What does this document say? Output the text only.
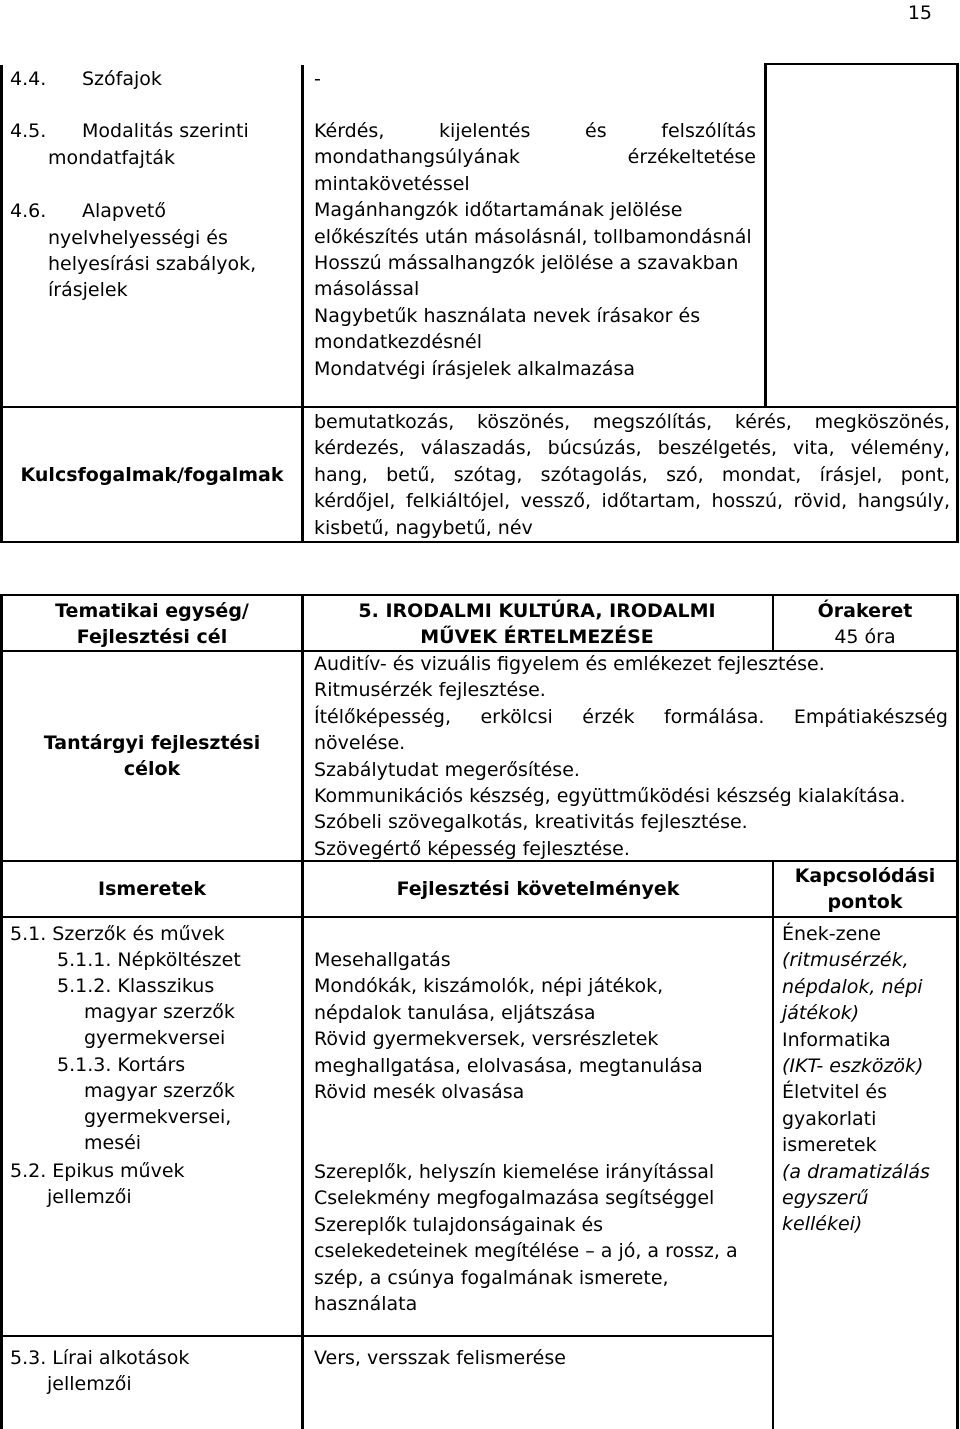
15
4.4. Szófajok	-
4.5. Modalitás szerinti
mondatfajták
4.6. Alapvető
nyelvhelyességi és
helyesírási szabályok,
írásjelek
Kérdés, kijelentés és felszólítás
mondathangsúlyának érzékeltetése
mintakövetéssel
Magánhangzók időtartamának jelölése
előkészítés után másolásnál, tollbamondásnál
Hosszú mássalhangzók jelölése a szavakban
másolással
Nagybetűk használata nevek írásakor és
mondatkezdésnél
Mondatvégi írásjelek alkalmazása
Kulcsfogalmak/fogalmak
bemutatkozás, köszönés, megszólítás, kérés, megköszönés,
kérdezés, válaszadás, búcsúzás, beszélgetés, vita, vélemény,
hang, betű, szótag, szótagolás, szó, mondat, írásjel, pont,
kérdőjel, felkiáltójel, vessző, időtartam, hosszú, rövid, hangsúly,
kisbetű, nagybetű, név
Tematikai egység/
Fejlesztési cél
5. IRODALMI KULTÚRA, IRODALMI
MŰVEK ÉRTELMEZÉSE
Órakeret
45 óra
Tantárgyi fejlesztési
célok
Auditív- és vizuális figyelem és emlékezet fejlesztése.
Ritmusérzék fejlesztése.
Ítélőképesség, erkölcsi érzék formálása. Empátiakészség
növelése.
Szabálytudat megerősítése.
Kommunikációs készség, együttműködési készség kialakítása.
Szóbeli szövegalkotás, kreativitás fejlesztése.
Szövegértő képesség fejlesztése.
Ismeretek	Fejlesztési követelmények
Kapcsolódási
pontok
5.1. Szerzők és művek
5.1.1. Népköltészet
5.1.2. Klasszikus
magyar szerzők
gyermekversei
5.1.3. Kortárs
magyar szerzők
gyermekversei,
meséi
5.2. Epikus művek
jellemzői
5.3. Lírai alkotások
jellemzői
Mesehallgatás
Mondókák, kiszámolók, népi játékok,
népdalok tanulása, eljátszása
Rövid gyermekversek, versrészletek
meghallgatása, elolvasása, megtanulása
Rövid mesék olvasása
Szereplők, helyszín kiemelése irányítással
Cselekmény megfogalmazása segítséggel
Szereplők tulajdonságainak és
cselekedeteinek megítélése – a jó, a rossz, a
szép, a csúnya fogalmának ismerete,
használata
Vers, versszak felismerése
Ének-zene
(ritmusérzék,
népdalok, népi
játékok)
Informatika
(IKT- eszközök)
Életvitel és
gyakorlati
ismeretek
(a dramatizálás
egyszerű
kellékei)
